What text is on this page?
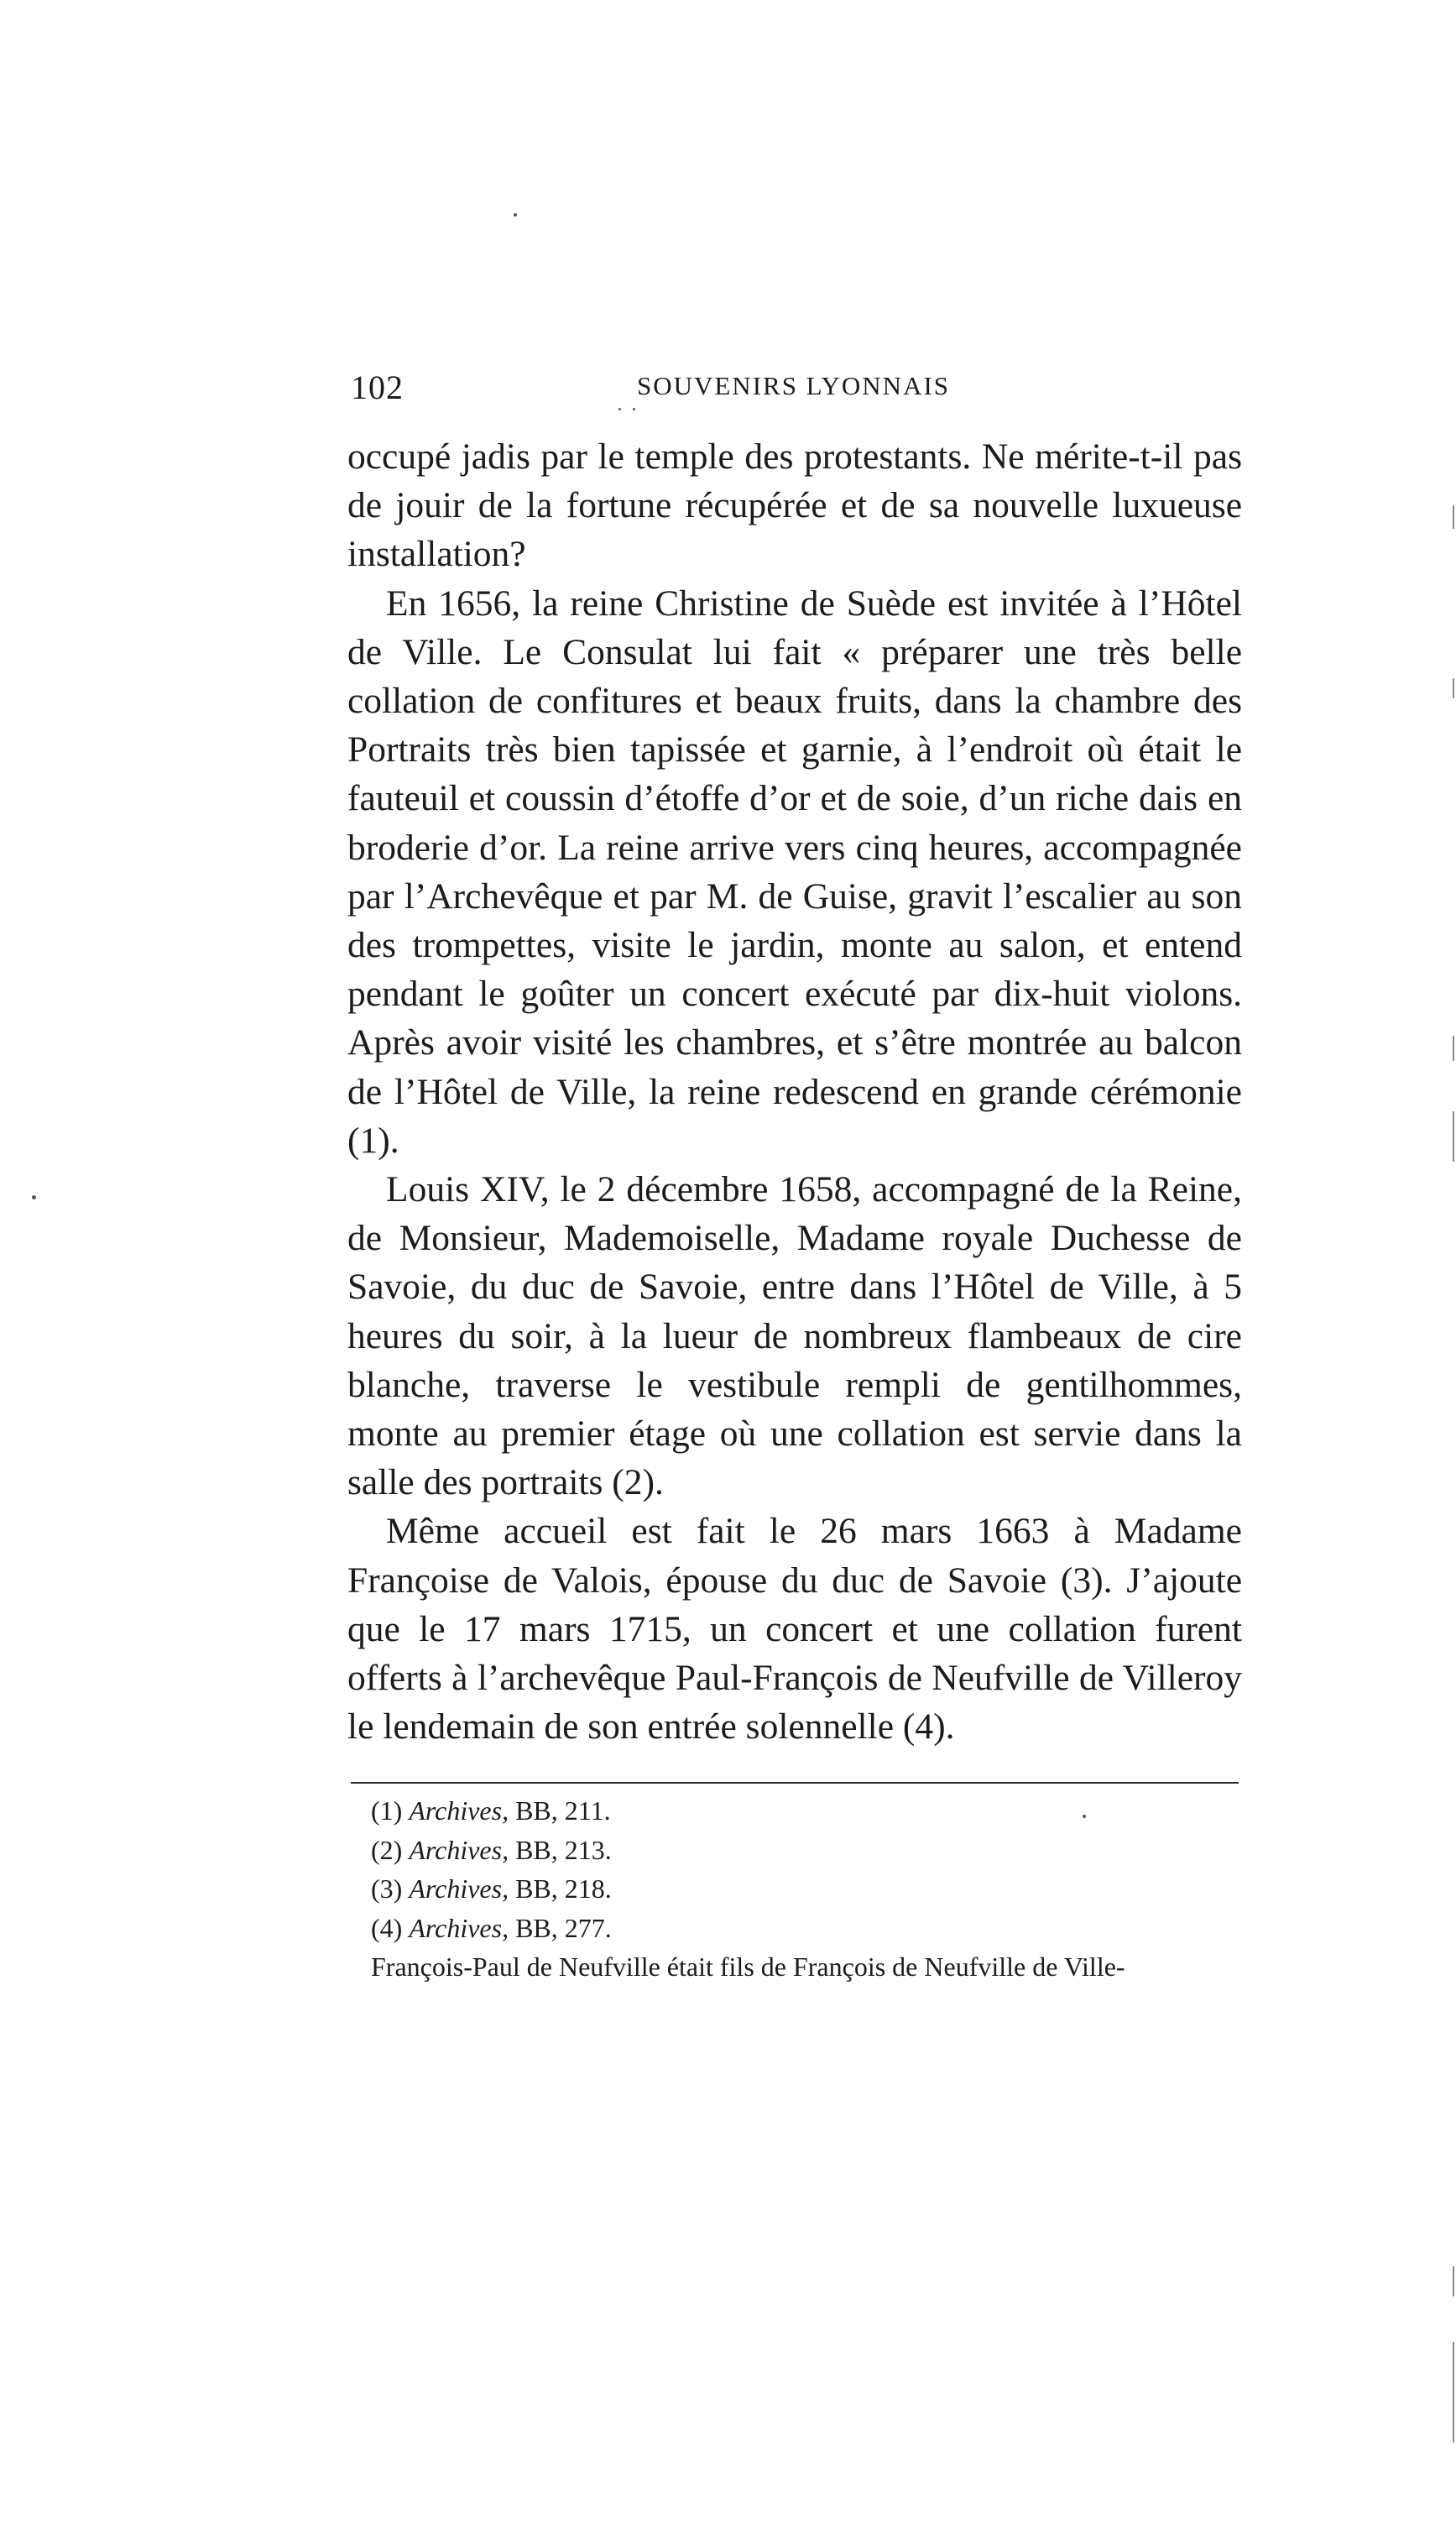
102	SOUVENIRS LYONNAIS

occupé jadis par le temple des protestants. Ne mérite-t-il pas de jouir de la fortune récupérée et de sa nouvelle luxueuse installation?

En 1656, la reine Christine de Suède est invitée à l’Hôtel de Ville. Le Consulat lui fait « préparer une très belle collation de confitures et beaux fruits, dans la chambre des Portraits très bien tapissée et garnie, à l’endroit où était le fauteuil et coussin d’étoffe d’or et de soie, d’un riche dais en broderie d’or. La reine arrive vers cinq heures, accompagnée par l’Archevêque et par M. de Guise, gravit l’escalier au son des trompettes, visite le jardin, monte au salon, et entend pendant le goûter un concert exécuté par dix-huit violons. Après avoir visité les chambres, et s’être montrée au balcon de l’Hôtel de Ville, la reine redescend en grande cérémonie (1).

Louis XIV, le 2 décembre 1658, accompagné de la Reine, de Monsieur, Mademoiselle, Madame royale Duchesse de Savoie, du duc de Savoie, entre dans l’Hôtel de Ville, à 5 heures du soir, à la lueur de nombreux flambeaux de cire blanche, traverse le vestibule rempli de gentilhommes, monte au premier étage où une collation est servie dans la salle des portraits (2).

Même accueil est fait le 26 mars 1663 à Madame Françoise de Valois, épouse du duc de Savoie (3). J’ajoute que le 17 mars 1715, un concert et une collation furent offerts à l’archevêque Paul-François de Neufville de Villeroy le lendemain de son entrée solennelle (4).

(1) Archives, BB, 211.

(2) Archives, BB, 213.

(3) Archives, BB, 218.

(4) Archives, BB, 277.

François-Paul de Neufville était fils de François de Neufville de Ville-
